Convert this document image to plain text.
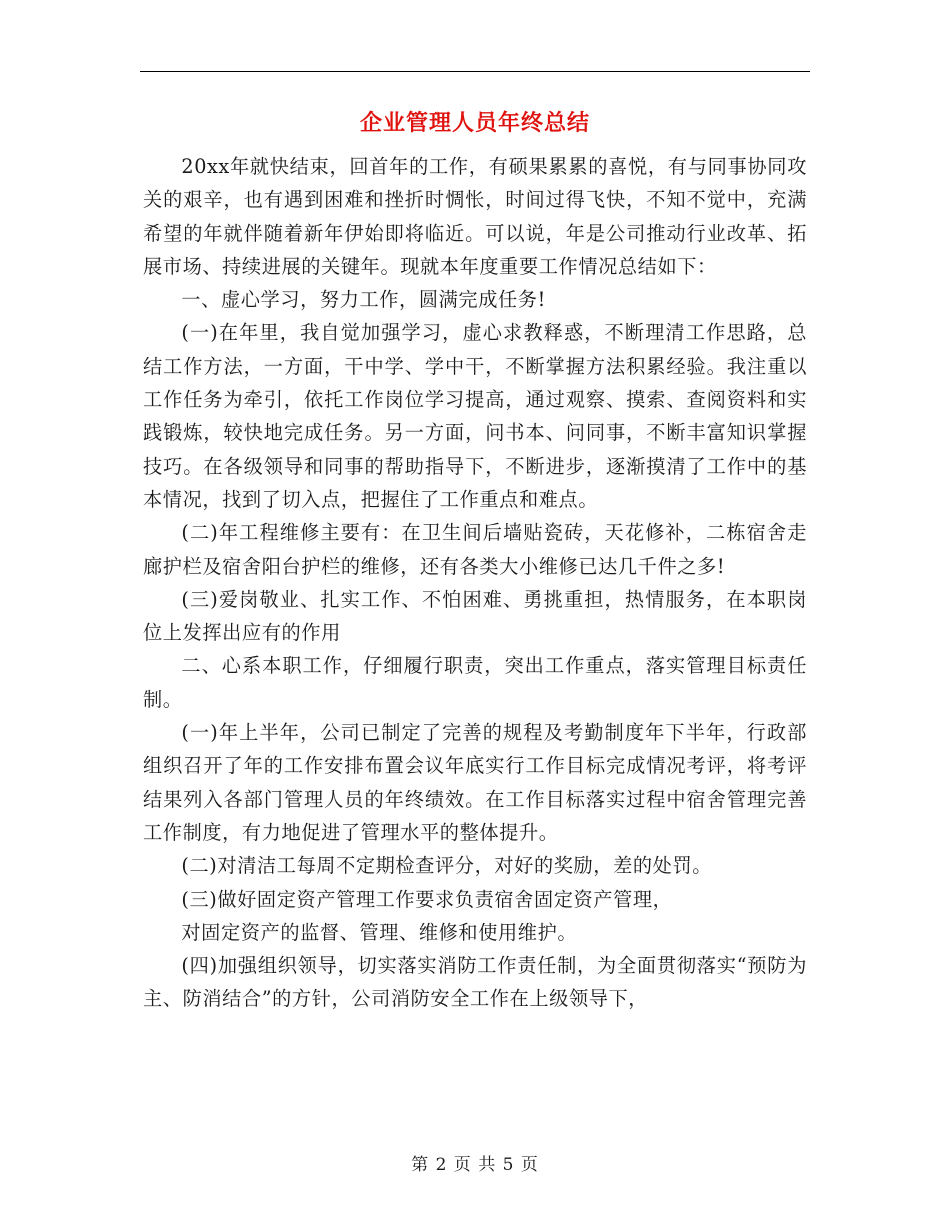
企业管理人员年终总结

20xx年就快结束，回首年的工作，有硕果累累的喜悦，有与同事协同攻关的艰辛，也有遇到困难和挫折时惆怅，时间过得飞快，不知不觉中，充满希望的年就伴随着新年伊始即将临近。可以说，年是公司推动行业改革、拓展市场、持续进展的关键年。现就本年度重要工作情况总结如下：

一、虚心学习，努力工作，圆满完成任务!

(一)在年里，我自觉加强学习，虚心求教释惑，不断理清工作思路，总结工作方法，一方面，干中学、学中干，不断掌握方法积累经验。我注重以工作任务为牵引，依托工作岗位学习提高，通过观察、摸索、查阅资料和实践锻炼，较快地完成任务。另一方面，问书本、问同事，不断丰富知识掌握技巧。在各级领导和同事的帮助指导下，不断进步，逐渐摸清了工作中的基本情况，找到了切入点，把握住了工作重点和难点。

(二)年工程维修主要有：在卫生间后墙贴瓷砖，天花修补，二栋宿舍走廊护栏及宿舍阳台护栏的维修，还有各类大小维修已达几千件之多!

(三)爱岗敬业、扎实工作、不怕困难、勇挑重担，热情服务，在本职岗位上发挥出应有的作用

二、心系本职工作，仔细履行职责，突出工作重点，落实管理目标责任制。

(一)年上半年，公司已制定了完善的规程及考勤制度年下半年，行政部组织召开了年的工作安排布置会议年底实行工作目标完成情况考评，将考评结果列入各部门管理人员的年终绩效。在工作目标落实过程中宿舍管理完善工作制度，有力地促进了管理水平的整体提升。

(二)对清洁工每周不定期检查评分，对好的奖励，差的处罚。

(三)做好固定资产管理工作要求负责宿舍固定资产管理，

对固定资产的监督、管理、维修和使用维护。

(四)加强组织领导，切实落实消防工作责任制，为全面贯彻落实“预防为主、防消结合”的方针，公司消防安全工作在上级领导下，

第 2 页 共 5 页
